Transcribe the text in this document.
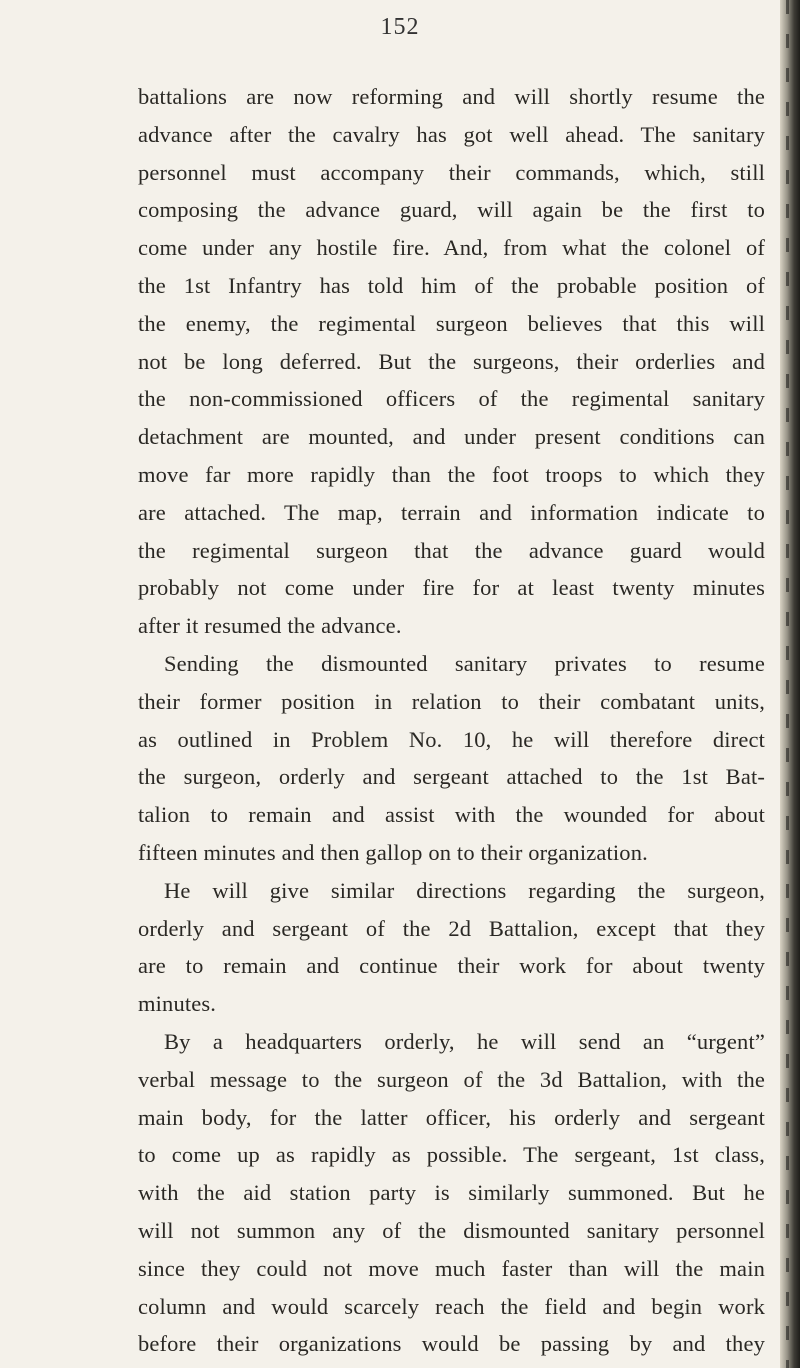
152
battalions are now reforming and will shortly resume the
advance after the cavalry has got well ahead. The sanitary
personnel must accompany their commands, which, still
composing the advance guard, will again be the first to
come under any hostile fire. And, from what the colonel of
the 1st Infantry has told him of the probable position of
the enemy, the regimental surgeon believes that this will
not be long deferred. But the surgeons, their orderlies and
the non-commissioned officers of the regimental sanitary
detachment are mounted, and under present conditions can
move far more rapidly than the foot troops to which they
are attached. The map, terrain and information indicate to
the regimental surgeon that the advance guard would
probably not come under fire for at least twenty minutes
after it resumed the advance.
Sending the dismounted sanitary privates to resume
their former position in relation to their combatant units,
as outlined in Problem No. 10, he will therefore direct
the surgeon, orderly and sergeant attached to the 1st Bat-
talion to remain and assist with the wounded for about
fifteen minutes and then gallop on to their organization.
He will give similar directions regarding the surgeon,
orderly and sergeant of the 2d Battalion, except that they
are to remain and continue their work for about twenty
minutes.
By a headquarters orderly, he will send an “urgent”
verbal message to the surgeon of the 3d Battalion, with the
main body, for the latter officer, his orderly and sergeant
to come up as rapidly as possible. The sergeant, 1st class,
with the aid station party is similarly summoned. But he
will not summon any of the dismounted sanitary personnel
since they could not move much faster than will the main
column and would scarcely reach the field and begin work
before their organizations would be passing by and they
